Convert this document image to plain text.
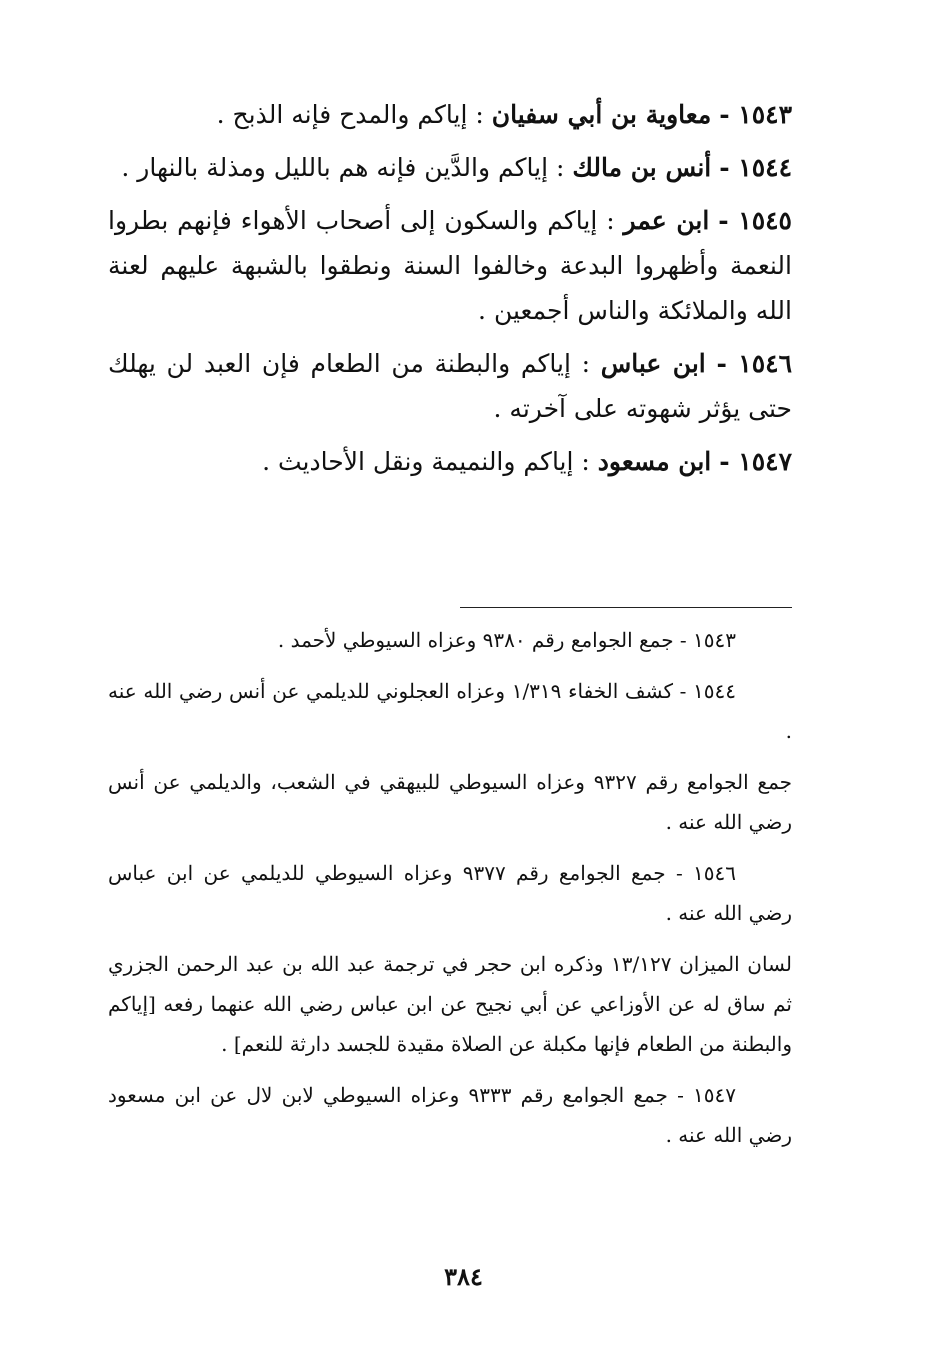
١٥٤٣ - معاوية بن أبي سفيان : إياكم والمدح فإنه الذبح .

١٥٤٤ - أنس بن مالك : إياكم والدَّين فإنه هم بالليل ومذلة بالنهار .

١٥٤٥ - ابن عمر : إياكم والسكون إلى أصحاب الأهواء فإنهم بطروا النعمة وأظهروا البدعة وخالفوا السنة ونطقوا بالشبهة عليهم لعنة الله والملائكة والناس أجمعين .

١٥٤٦ - ابن عباس : إياكم والبطنة من الطعام فإن العبد لن يهلك حتى يؤثر شهوته على آخرته .

١٥٤٧ - ابن مسعود : إياكم والنميمة ونقل الأحاديث .

١٥٤٣ - جمع الجوامع رقم ٩٣٨٠ وعزاه السيوطي لأحمد .

١٥٤٤ - كشف الخفاء ١/٣١٩ وعزاه العجلوني للديلمي عن أنس رضي الله عنه .

جمع الجوامع رقم ٩٣٢٧ وعزاه السيوطي للبيهقي في الشعب، والديلمي عن أنس رضي الله عنه .

١٥٤٦ - جمع الجوامع رقم ٩٣٧٧ وعزاه السيوطي للديلمي عن ابن عباس رضي الله عنه .

لسان الميزان ١٣/١٢٧ وذكره ابن حجر في ترجمة عبد الله بن عبد الرحمن الجزري ثم ساق له عن الأوزاعي عن أبي نجيح عن ابن عباس رضي الله عنهما رفعه [إياكم والبطنة من الطعام فإنها مكبلة عن الصلاة مقيدة للجسد دارثة للنعم] .

١٥٤٧ - جمع الجوامع رقم ٩٣٣٣ وعزاه السيوطي لابن لال عن ابن مسعود رضي الله عنه .

٣٨٤
